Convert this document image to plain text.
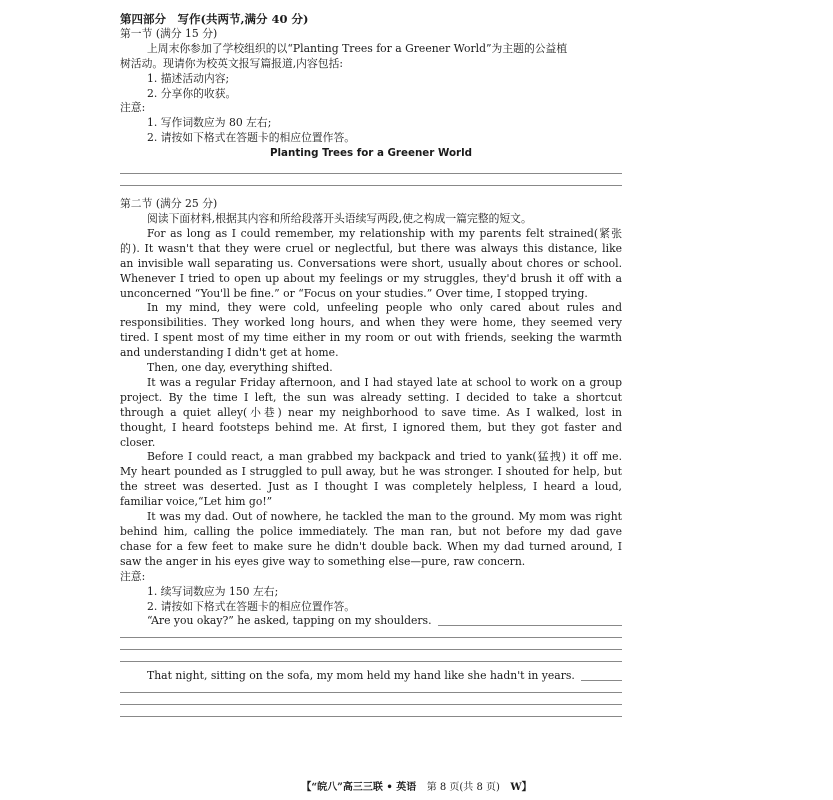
第四部分　写作(共两节,满分 40 分)
第一节 (满分 15 分)
上周末你参加了学校组织的以“Planting Trees for a Greener World”为主题的公益植
树活动。现请你为校英文报写篇报道,内容包括:
1. 描述活动内容;
2. 分享你的收获。
注意:
1. 写作词数应为 80 左右;
2. 请按如下格式在答题卡的相应位置作答。
Planting Trees for a Greener World
第二节 (满分 25 分)
阅读下面材料,根据其内容和所给段落开头语续写两段,使之构成一篇完整的短文。
For as long as I could remember, my relationship with my parents felt strained(紧张
的). It wasn't that they were cruel or neglectful, but there was always this distance, like
an invisible wall separating us. Conversations were short, usually about chores or school.
Whenever I tried to open up about my feelings or my struggles, they'd brush it off with a
unconcerned “You'll be fine.” or “Focus on your studies.” Over time, I stopped trying.
In my mind, they were cold, unfeeling people who only cared about rules and
responsibilities. They worked long hours, and when they were home, they seemed very
tired. I spent most of my time either in my room or out with friends, seeking the warmth
and understanding I didn't get at home.
Then, one day, everything shifted.
It was a regular Friday afternoon, and I had stayed late at school to work on a group
project. By the time I left, the sun was already setting. I decided to take a shortcut
through a quiet alley(小巷) near my neighborhood to save time. As I walked, lost in
thought, I heard footsteps behind me. At first, I ignored them, but they got faster and
closer.
Before I could react, a man grabbed my backpack and tried to yank(猛拽) it off me.
My heart pounded as I struggled to pull away, but he was stronger. I shouted for help, but
the street was deserted. Just as I thought I was completely helpless, I heard a loud,
familiar voice,“Let him go!”
It was my dad. Out of nowhere, he tackled the man to the ground. My mom was right
behind him, calling the police immediately. The man ran, but not before my dad gave
chase for a few feet to make sure he didn't double back. When my dad turned around, I
saw the anger in his eyes give way to something else—pure, raw concern.
注意:
1. 续写词数应为 150 左右;
2. 请按如下格式在答题卡的相应位置作答。
“Are you okay?” he asked, tapping on my shoulders.
That night, sitting on the sofa, my mom held my hand like she hadn't in years.
【“皖八”高三三联 • 英语 第 8 页(共 8 页) W】
